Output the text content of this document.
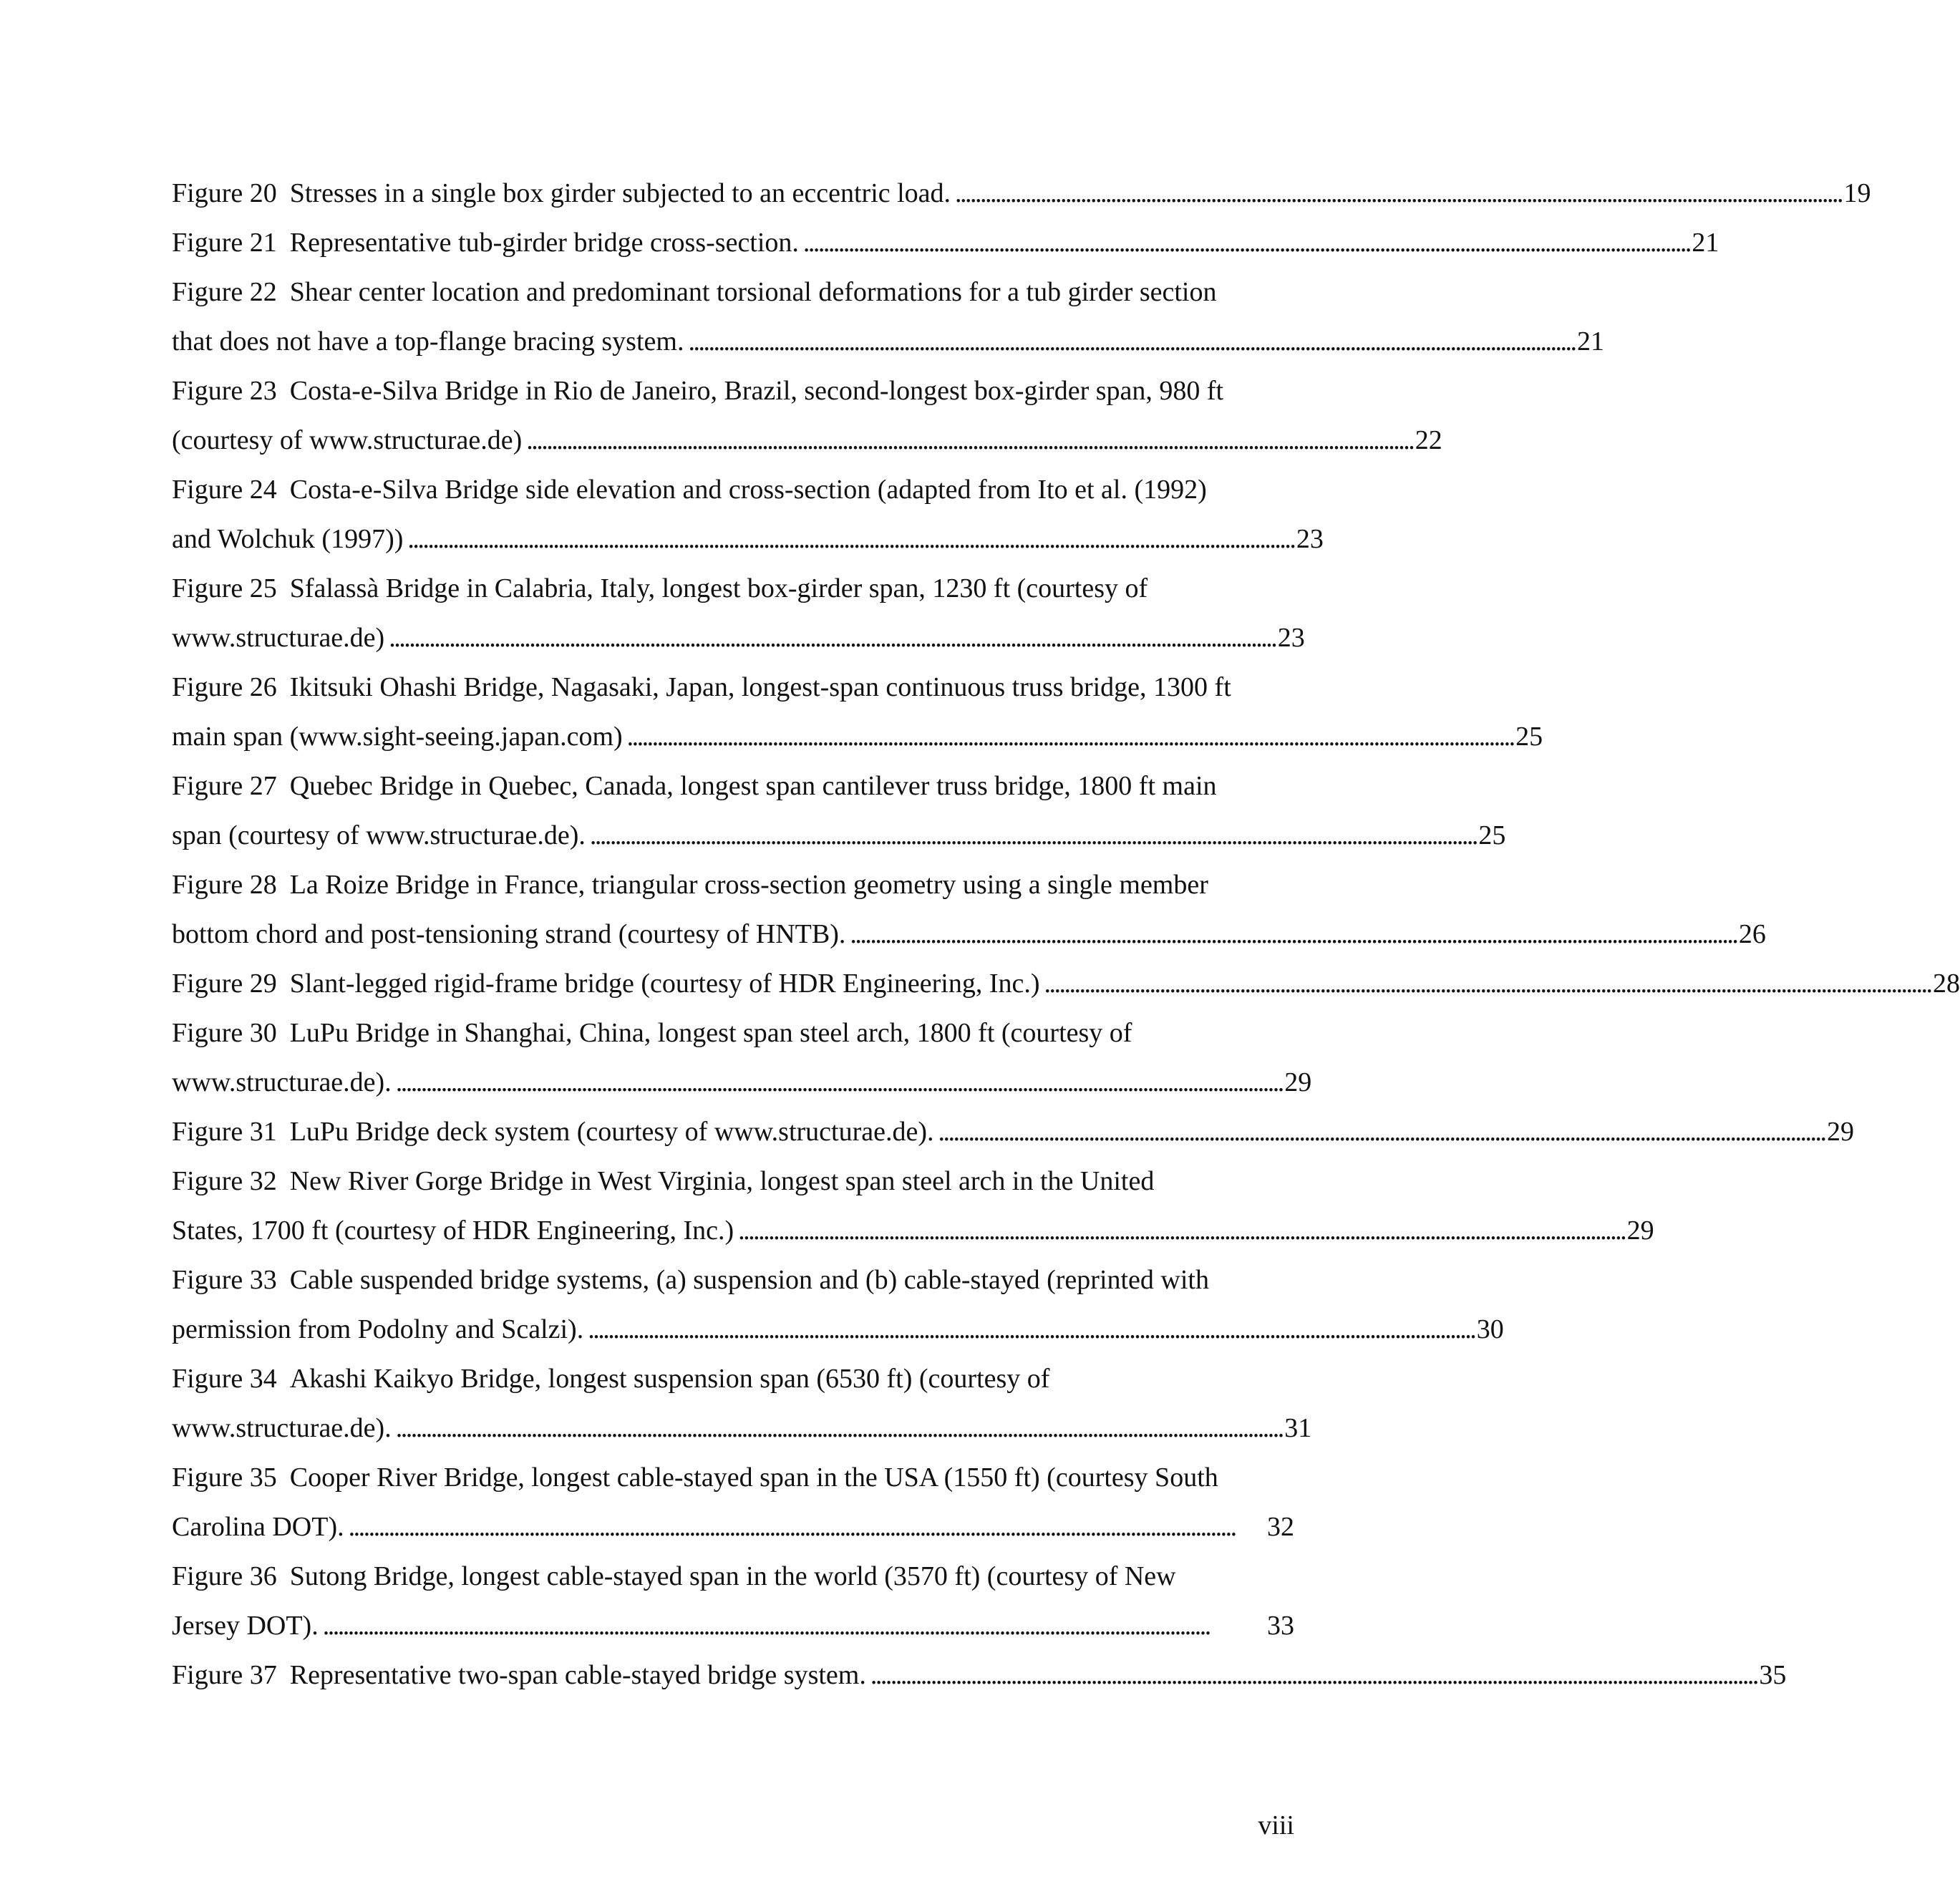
Figure 20 Stresses in a single box girder subjected to an eccentric load. . . .	19
Figure 21 Representative tub-girder bridge cross-section. . . .	21
Figure 22 Shear center location and predominant torsional deformations for a tub girder section
that does not have a top-flange bracing system. . . .	21
Figure 23 Costa-e-Silva Bridge in Rio de Janeiro, Brazil, second-longest box-girder span, 980 ft
(courtesy of www.structurae.de) . . .	22
Figure 24 Costa-e-Silva Bridge side elevation and cross-section (adapted from Ito et al. (1992)
and Wolchuk (1997)) . . .	23
Figure 25 Sfalassà Bridge in Calabria, Italy, longest box-girder span, 1230 ft (courtesy of
www.structurae.de) . . .	23
Figure 26 Ikitsuki Ohashi Bridge, Nagasaki, Japan, longest-span continuous truss bridge, 1300 ft
main span (www.sight-seeing.japan.com) . . .	25
Figure 27 Quebec Bridge in Quebec, Canada, longest span cantilever truss bridge, 1800 ft main
span (courtesy of www.structurae.de). . . .	25
Figure 28 La Roize Bridge in France, triangular cross-section geometry using a single member
bottom chord and post-tensioning strand (courtesy of HNTB). . . .	26
Figure 29 Slant-legged rigid-frame bridge (courtesy of HDR Engineering, Inc.) . . .	28
Figure 30 LuPu Bridge in Shanghai, China, longest span steel arch, 1800 ft (courtesy of
www.structurae.de). . . .	29
Figure 31 LuPu Bridge deck system (courtesy of www.structurae.de). . . .	29
Figure 32 New River Gorge Bridge in West Virginia, longest span steel arch in the United
States, 1700 ft (courtesy of HDR Engineering, Inc.) . . .	29
Figure 33 Cable suspended bridge systems, (a) suspension and (b) cable-stayed (reprinted with
permission from Podolny and Scalzi). . . .	30
Figure 34 Akashi Kaikyo Bridge, longest suspension span (6530 ft) (courtesy of
www.structurae.de). . . .	31
Figure 35 Cooper River Bridge, longest cable-stayed span in the USA (1550 ft) (courtesy South
Carolina DOT). . . .	32
Figure 36 Sutong Bridge, longest cable-stayed span in the world (3570 ft) (courtesy of New
Jersey DOT). . . .	33
Figure 37 Representative two-span cable-stayed bridge system. . . .	35
viii
